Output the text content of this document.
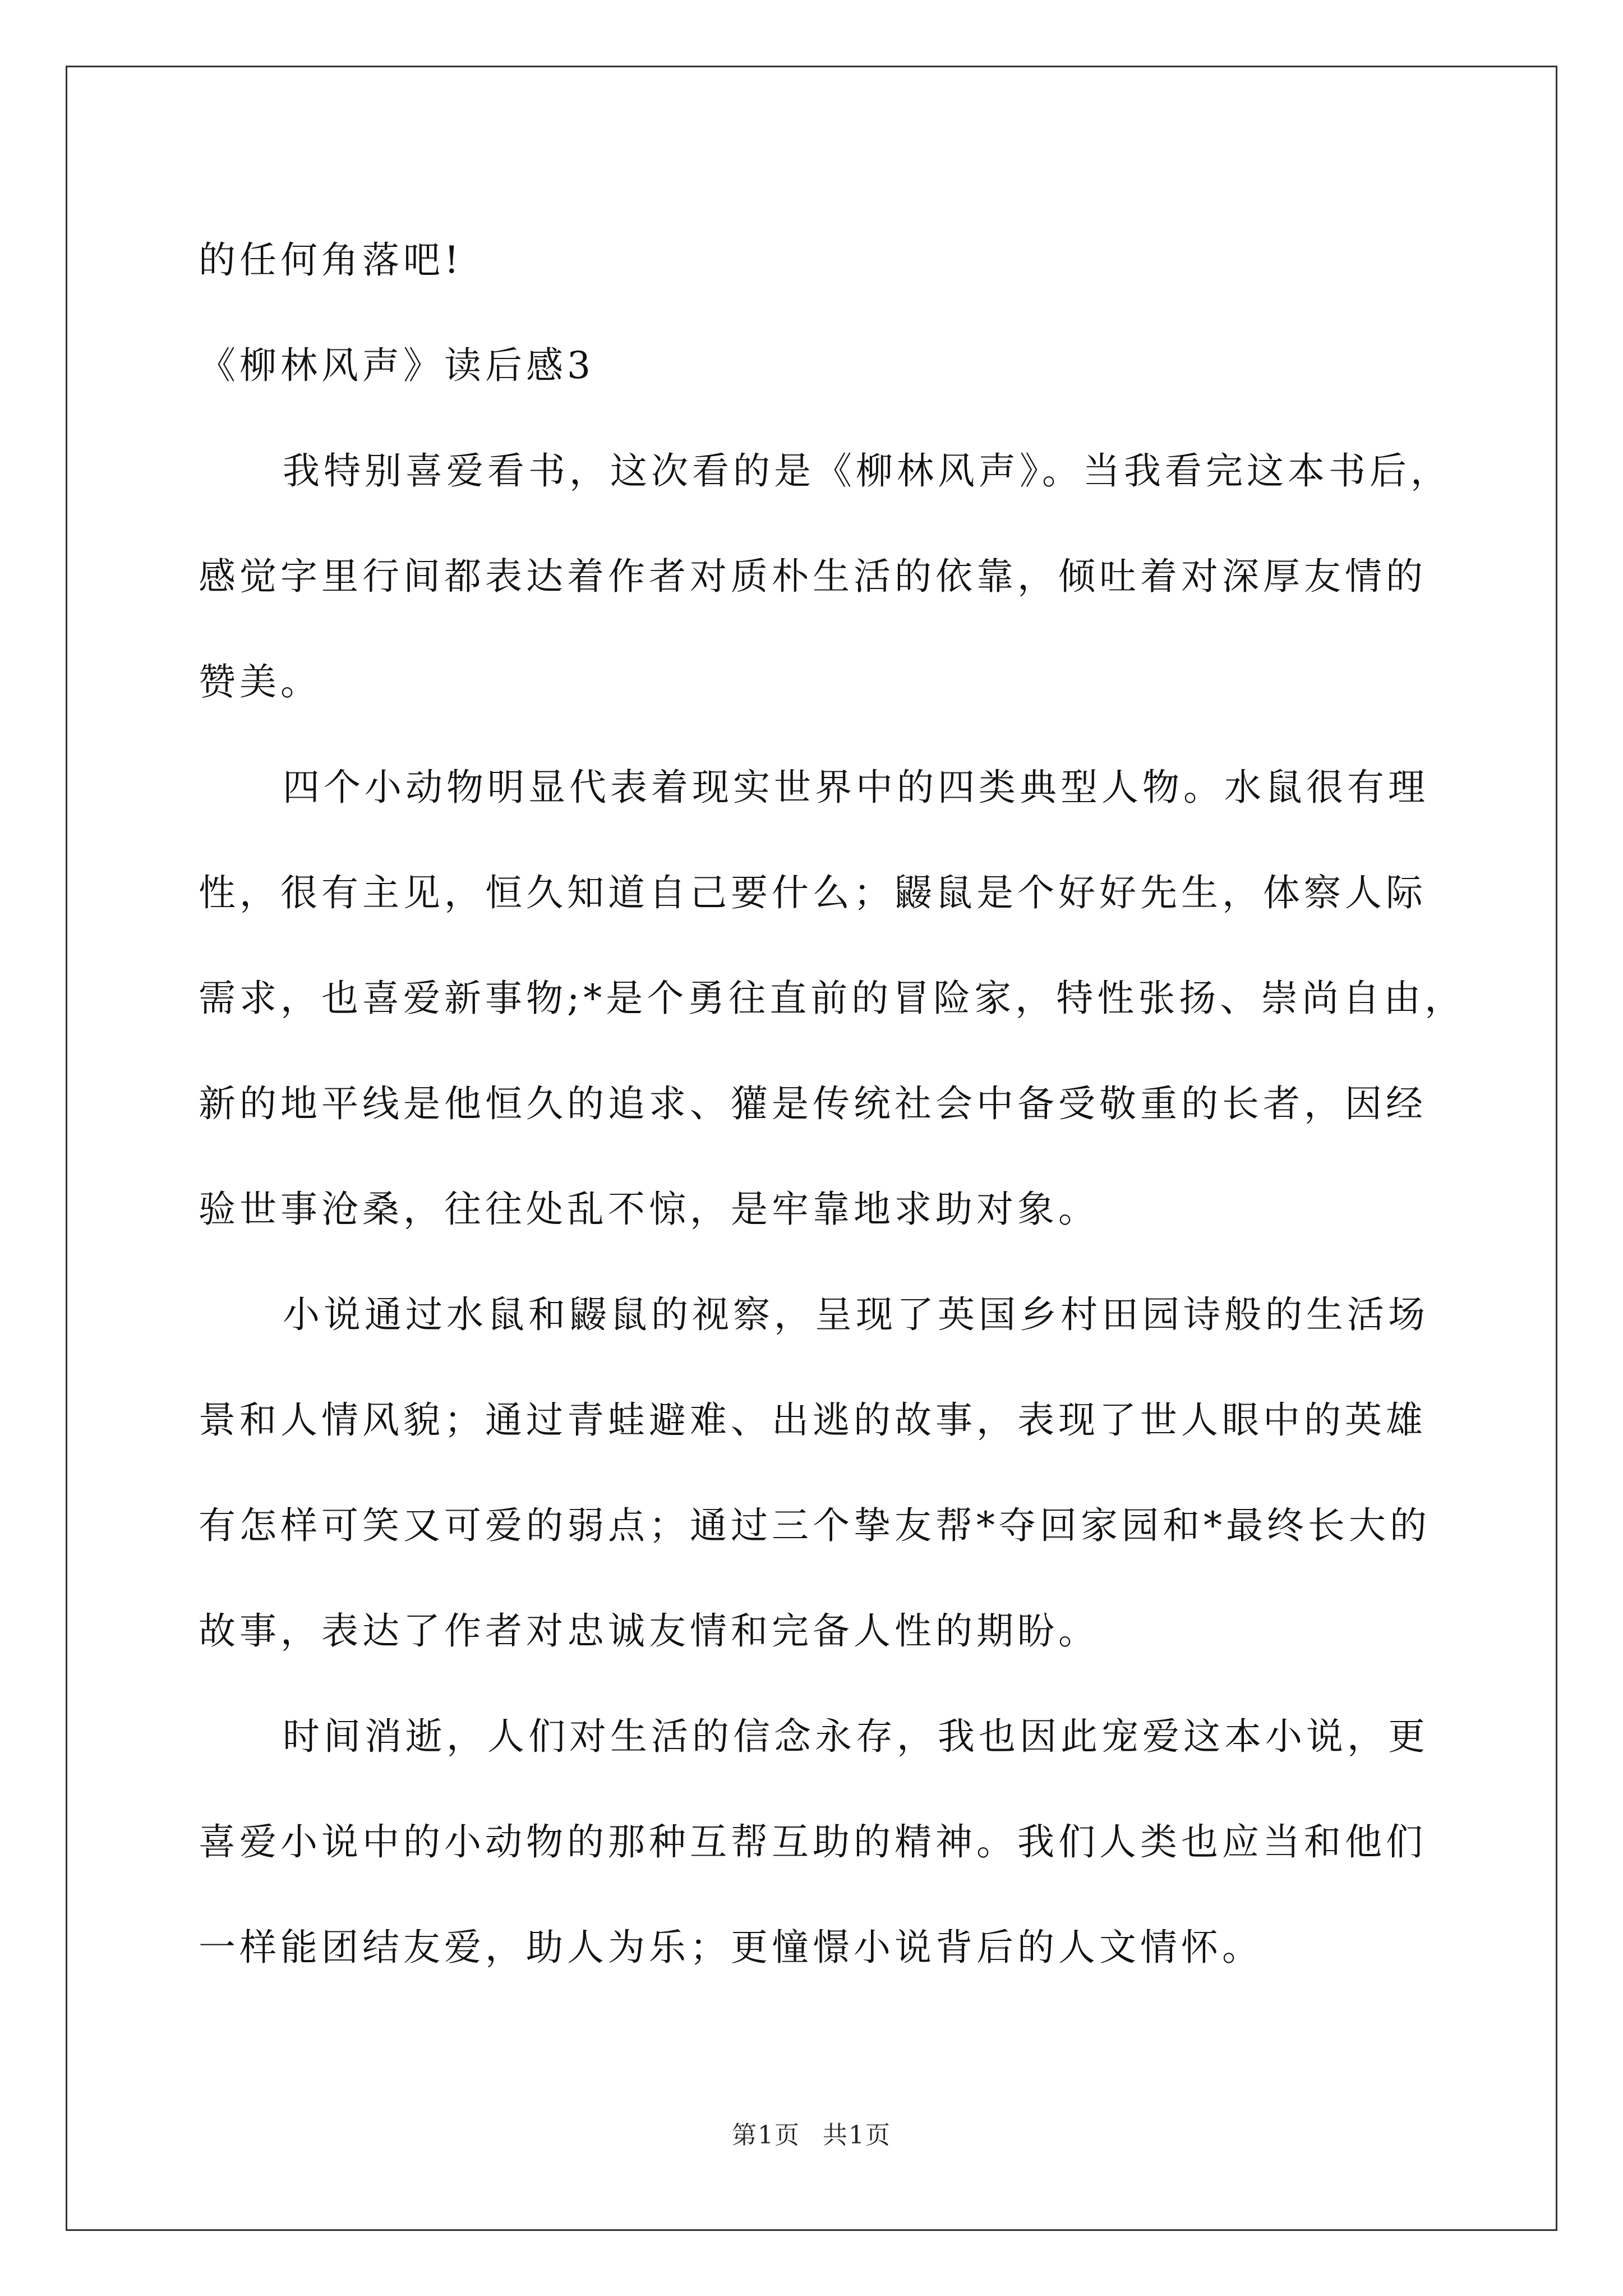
的任何角落吧!
《柳林风声》读后感3
我特别喜爱看书，这次看的是《柳林风声》。当我看完这本书后，
感觉字里行间都表达着作者对质朴生活的依靠，倾吐着对深厚友情的
赞美。
四个小动物明显代表着现实世界中的四类典型人物。水鼠很有理
性，很有主见，恒久知道自己要什么；鼹鼠是个好好先生，体察人际
需求，也喜爱新事物;*是个勇往直前的冒险家，特性张扬、崇尚自由，
新的地平线是他恒久的追求、獾是传统社会中备受敬重的长者，因经
验世事沧桑，往往处乱不惊，是牢靠地求助对象。
小说通过水鼠和鼹鼠的视察，呈现了英国乡村田园诗般的生活场
景和人情风貌；通过青蛙避难、出逃的故事，表现了世人眼中的英雄
有怎样可笑又可爱的弱点；通过三个挚友帮*夺回家园和*最终长大的
故事，表达了作者对忠诚友情和完备人性的期盼。
时间消逝，人们对生活的信念永存，我也因此宠爱这本小说，更
喜爱小说中的小动物的那种互帮互助的精神。我们人类也应当和他们
一样能团结友爱，助人为乐；更憧憬小说背后的人文情怀。
第1页 共1页
